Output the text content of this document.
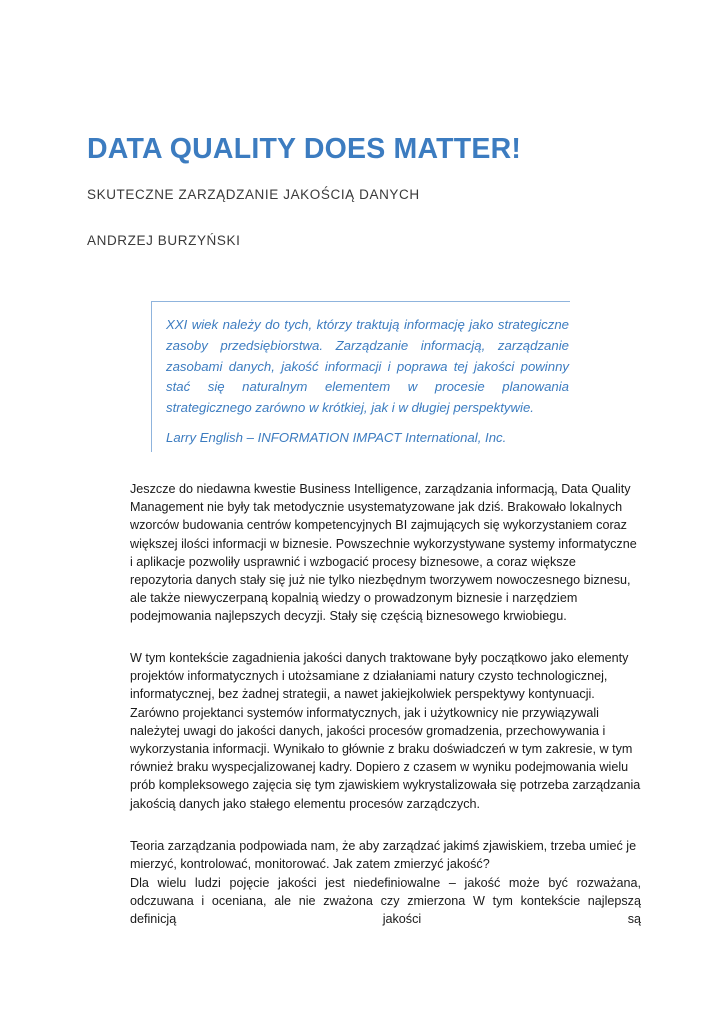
DATA QUALITY DOES MATTER!

SKUTECZNE ZARZĄDZANIE JAKOŚCIĄ DANYCH

ANDRZEJ BURZYŃSKI

XXI wiek należy do tych, którzy traktują informację jako strategiczne zasoby przedsiębiorstwa. Zarządzanie informacją, zarządzanie zasobami danych, jakość informacji i poprawa tej jakości powinny stać się naturalnym elementem w procesie planowania strategicznego zarówno w krótkiej, jak i w długiej perspektywie.

Larry English – INFORMATION IMPACT International, Inc.

Jeszcze do niedawna kwestie Business Intelligence, zarządzania informacją, Data Quality Management nie były tak metodycznie usystematyzowane jak dziś. Brakowało lokalnych wzorców budowania centrów kompetencyjnych BI zajmujących się wykorzystaniem coraz większej ilości informacji w biznesie. Powszechnie wykorzystywane systemy informatyczne i aplikacje pozwoliły usprawnić i wzbogacić procesy biznesowe, a coraz większe repozytoria danych stały się już nie tylko niezbędnym tworzywem nowoczesnego biznesu, ale także niewyczerpaną kopalnią wiedzy o prowadzonym biznesie i narzędziem podejmowania najlepszych decyzji. Stały się częścią biznesowego krwiobiegu.

W tym kontekście zagadnienia jakości danych traktowane były początkowo jako elementy projektów informatycznych i utożsamiane z działaniami natury czysto technologicznej, informatycznej, bez żadnej strategii, a nawet jakiejkolwiek perspektywy kontynuacji. Zarówno projektanci systemów informatycznych, jak i użytkownicy nie przywiązywali należytej uwagi do jakości danych, jakości procesów gromadzenia, przechowywania i wykorzystania informacji. Wynikało to głównie z braku doświadczeń w tym zakresie, w tym również braku wyspecjalizowanej kadry. Dopiero z czasem w wyniku podejmowania wielu prób kompleksowego zajęcia się tym zjawiskiem wykrystalizowała się potrzeba zarządzania jakością danych jako stałego elementu procesów zarządczych.

Teoria zarządzania podpowiada nam, że aby zarządzać jakimś zjawiskiem, trzeba umieć je mierzyć, kontrolować, monitorować. Jak zatem zmierzyć jakość?

Dla wielu ludzi pojęcie jakości jest niedefiniowalne – jakość może być rozważana, odczuwana i oceniana, ale nie zważona czy zmierzona W tym kontekście najlepszą definicją jakości są
